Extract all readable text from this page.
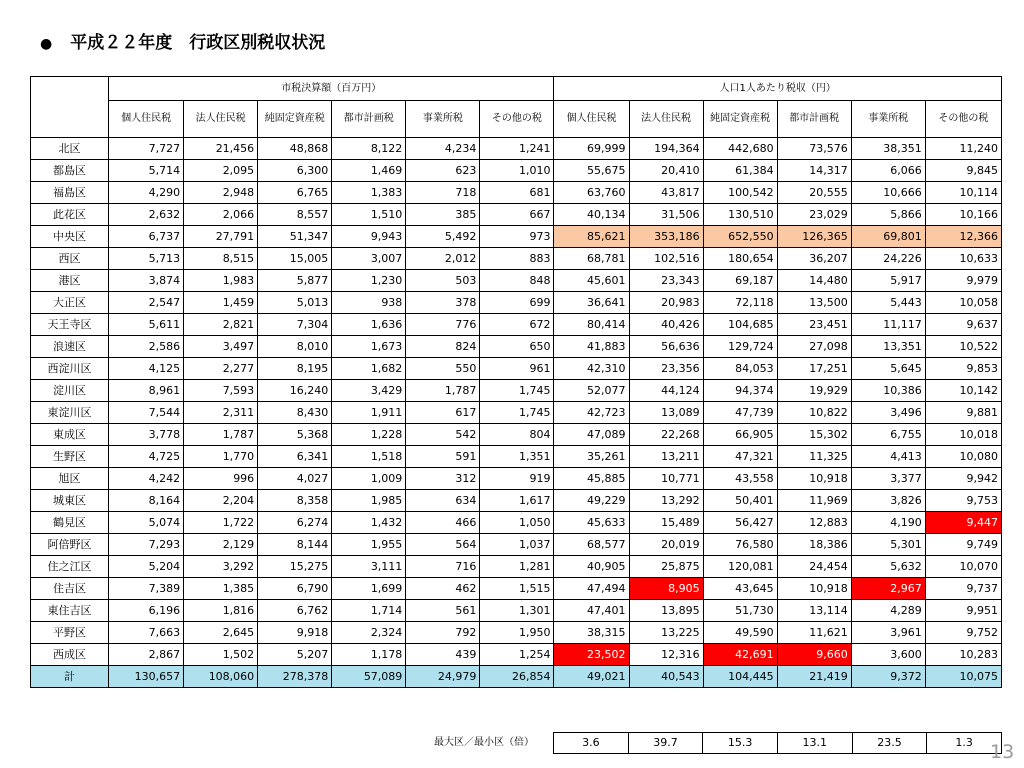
● 平成２２年度　行政区別税収状況
	市税決算額（百万円）						人口1人あたり税収（円）					
	個人住民税	法人住民税	純固定資産税	都市計画税	事業所税	その他の税	個人住民税	法人住民税	純固定資産税	都市計画税	事業所税	その他の税
北区	7,727	21,456	48,868	8,122	4,234	1,241	69,999	194,364	442,680	73,576	38,351	11,240
都島区	5,714	2,095	6,300	1,469	623	1,010	55,675	20,410	61,384	14,317	6,066	9,845
福島区	4,290	2,948	6,765	1,383	718	681	63,760	43,817	100,542	20,555	10,666	10,114
此花区	2,632	2,066	8,557	1,510	385	667	40,134	31,506	130,510	23,029	5,866	10,166
中央区	6,737	27,791	51,347	9,943	5,492	973	85,621	353,186	652,550	126,365	69,801	12,366
西区	5,713	8,515	15,005	3,007	2,012	883	68,781	102,516	180,654	36,207	24,226	10,633
港区	3,874	1,983	5,877	1,230	503	848	45,601	23,343	69,187	14,480	5,917	9,979
大正区	2,547	1,459	5,013	938	378	699	36,641	20,983	72,118	13,500	5,443	10,058
天王寺区	5,611	2,821	7,304	1,636	776	672	80,414	40,426	104,685	23,451	11,117	9,637
浪速区	2,586	3,497	8,010	1,673	824	650	41,883	56,636	129,724	27,098	13,351	10,522
西淀川区	4,125	2,277	8,195	1,682	550	961	42,310	23,356	84,053	17,251	5,645	9,853
淀川区	8,961	7,593	16,240	3,429	1,787	1,745	52,077	44,124	94,374	19,929	10,386	10,142
東淀川区	7,544	2,311	8,430	1,911	617	1,745	42,723	13,089	47,739	10,822	3,496	9,881
東成区	3,778	1,787	5,368	1,228	542	804	47,089	22,268	66,905	15,302	6,755	10,018
生野区	4,725	1,770	6,341	1,518	591	1,351	35,261	13,211	47,321	11,325	4,413	10,080
旭区	4,242	996	4,027	1,009	312	919	45,885	10,771	43,558	10,918	3,377	9,942
城東区	8,164	2,204	8,358	1,985	634	1,617	49,229	13,292	50,401	11,969	3,826	9,753
鶴見区	5,074	1,722	6,274	1,432	466	1,050	45,633	15,489	56,427	12,883	4,190	9,447
阿倍野区	7,293	2,129	8,144	1,955	564	1,037	68,577	20,019	76,580	18,386	5,301	9,749
住之江区	5,204	3,292	15,275	3,111	716	1,281	40,905	25,875	120,081	24,454	5,632	10,070
住吉区	7,389	1,385	6,790	1,699	462	1,515	47,494	8,905	43,645	10,918	2,967	9,737
東住吉区	6,196	1,816	6,762	1,714	561	1,301	47,401	13,895	51,730	13,114	4,289	9,951
平野区	7,663	2,645	9,918	2,324	792	1,950	38,315	13,225	49,590	11,621	3,961	9,752
西成区	2,867	1,502	5,207	1,178	439	1,254	23,502	12,316	42,691	9,660	3,600	10,283
計	130,657	108,060	278,378	57,089	24,979	26,854	49,021	40,543	104,445	21,419	9,372	10,075
最大区／最小区（倍）	3.6	39.7	15.3	13.1	23.5	1.3 13
